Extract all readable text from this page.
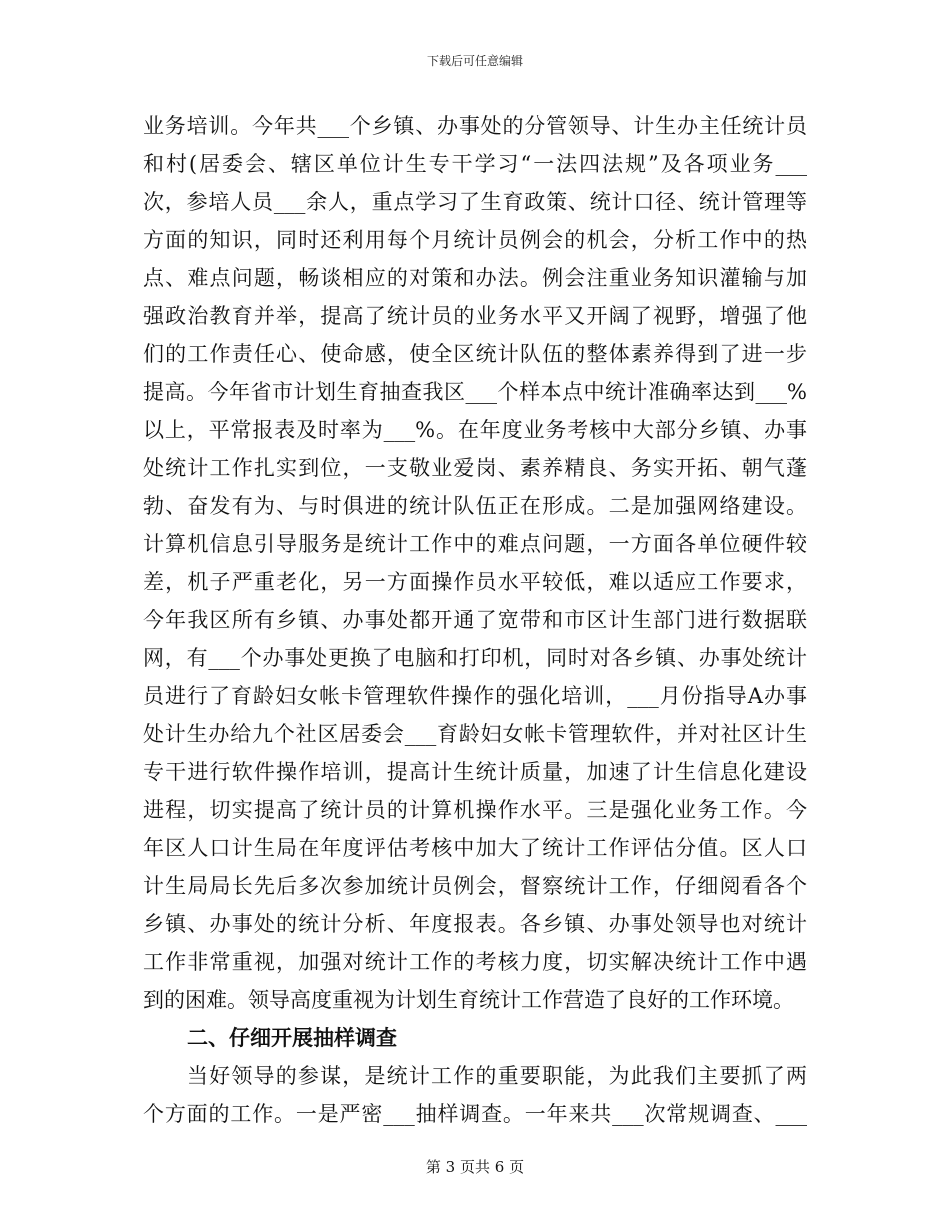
下载后可任意编辑
业务培训。今年共___个乡镇、办事处的分管领导、计生办主任统计员
和村(居委会、辖区单位计生专干学习“一法四法规”及各项业务___
次，参培人员___余人，重点学习了生育政策、统计口径、统计管理等
方面的知识，同时还利用每个月统计员例会的机会，分析工作中的热
点、难点问题，畅谈相应的对策和办法。例会注重业务知识灌输与加
强政治教育并举，提高了统计员的业务水平又开阔了视野，增强了他
们的工作责任心、使命感，使全区统计队伍的整体素养得到了进一步
提高。今年省市计划生育抽查我区___个样本点中统计准确率达到___%
以上，平常报表及时率为___%。在年度业务考核中大部分乡镇、办事
处统计工作扎实到位，一支敬业爱岗、素养精良、务实开拓、朝气蓬
勃、奋发有为、与时俱进的统计队伍正在形成。二是加强网络建设。
计算机信息引导服务是统计工作中的难点问题，一方面各单位硬件较
差，机子严重老化，另一方面操作员水平较低，难以适应工作要求，
今年我区所有乡镇、办事处都开通了宽带和市区计生部门进行数据联
网，有___个办事处更换了电脑和打印机，同时对各乡镇、办事处统计
员进行了育龄妇女帐卡管理软件操作的强化培训，___月份指导A办事
处计生办给九个社区居委会___育龄妇女帐卡管理软件，并对社区计生
专干进行软件操作培训，提高计生统计质量，加速了计生信息化建设
进程，切实提高了统计员的计算机操作水平。三是强化业务工作。今
年区人口计生局在年度评估考核中加大了统计工作评估分值。区人口
计生局局长先后多次参加统计员例会，督察统计工作，仔细阅看各个
乡镇、办事处的统计分析、年度报表。各乡镇、办事处领导也对统计
工作非常重视，加强对统计工作的考核力度，切实解决统计工作中遇
到的困难。领导高度重视为计划生育统计工作营造了良好的工作环境。
二、仔细开展抽样调查
当好领导的参谋，是统计工作的重要职能，为此我们主要抓了两
个方面的工作。一是严密___抽样调查。一年来共___次常规调查、___
第 3 页共 6 页
